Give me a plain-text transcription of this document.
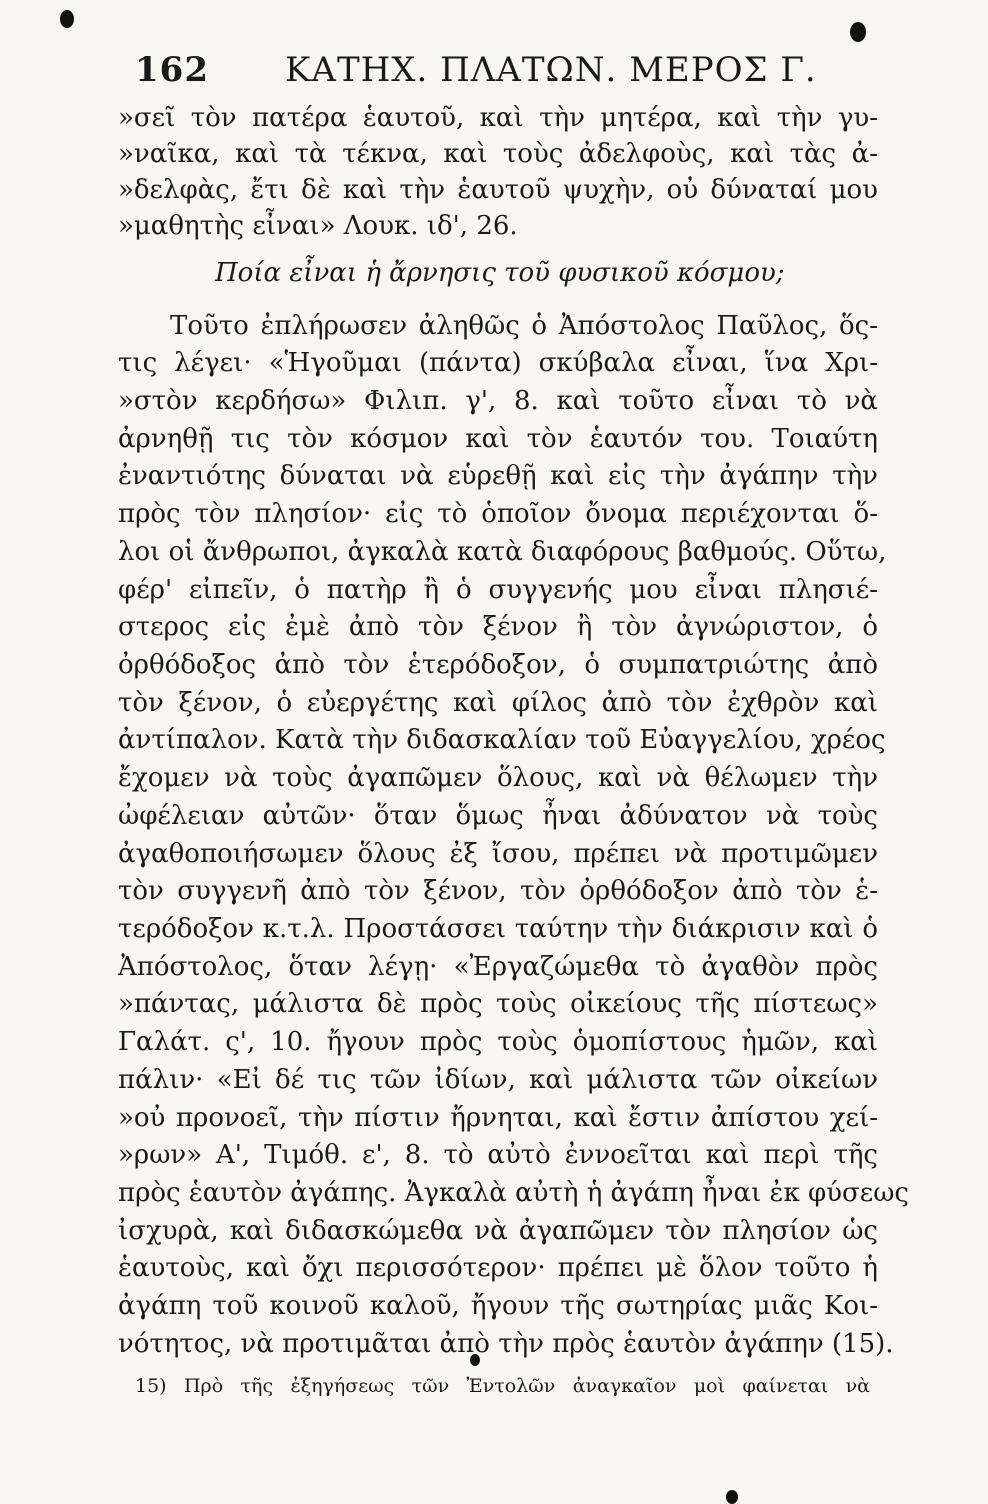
162 ΚΑΤΗΧ. ΠΛΑΤΩΝ. ΜΕΡΟΣ Γ.
»σεῖ τὸν πατέρα ἑαυτοῦ, καὶ τὴν μητέρα, καὶ τὴν γυ-
»ναῖκα, καὶ τὰ τέκνα, καὶ τοὺς ἀδελφοὺς, καὶ τὰς ἀ-
»δελφὰς, ἔτι δὲ καὶ τὴν ἑαυτοῦ ψυχὴν, οὐ δύναταί μου
»μαθητὴς εἶναι» Λουκ. ιδ', 26.
Ποία εἶναι ἡ ἄρνησις τοῦ φυσικοῦ κόσμου;
Τοῦτο ἐπλήρωσεν ἀληθῶς ὁ Ἀπόστολος Παῦλος, ὅς-
τις λέγει· «Ἡγοῦμαι (πάντα) σκύβαλα εἶναι, ἵνα Χρι-
»στὸν κερδήσω» Φιλιπ. γ', 8. καὶ τοῦτο εἶναι τὸ νὰ
ἀρνηθῇ τις τὸν κόσμον καὶ τὸν ἑαυτόν του. Τοιαύτη
ἐναντιότης δύναται νὰ εὑρεθῇ καὶ εἰς τὴν ἀγάπην τὴν
πρὸς τὸν πλησίον· εἰς τὸ ὁποῖον ὄνομα περιέχονται ὅ-
λοι οἱ ἄνθρωποι, ἀγκαλὰ κατὰ διαφόρους βαθμούς. Οὕτω,
φέρ' εἰπεῖν, ὁ πατὴρ ἢ ὁ συγγενής μου εἶναι πλησιέ-
στερος εἰς ἐμὲ ἀπὸ τὸν ξένον ἢ τὸν ἀγνώριστον, ὁ
ὀρθόδοξος ἀπὸ τὸν ἑτερόδοξον, ὁ συμπατριώτης ἀπὸ
τὸν ξένον, ὁ εὐεργέτης καὶ φίλος ἀπὸ τὸν ἐχθρὸν καὶ
ἀντίπαλον. Κατὰ τὴν διδασκαλίαν τοῦ Εὐαγγελίου, χρέος
ἔχομεν νὰ τοὺς ἀγαπῶμεν ὅλους, καὶ νὰ θέλωμεν τὴν
ὠφέλειαν αὐτῶν· ὅταν ὅμως ἦναι ἀδύνατον νὰ τοὺς
ἀγαθοποιήσωμεν ὅλους ἐξ ἴσου, πρέπει νὰ προτιμῶμεν
τὸν συγγενῆ ἀπὸ τὸν ξένον, τὸν ὀρθόδοξον ἀπὸ τὸν ἑ-
τερόδοξον κ.τ.λ. Προστάσσει ταύτην τὴν διάκρισιν καὶ ὁ
Ἀπόστολος, ὅταν λέγῃ· «Ἐργαζώμεθα τὸ ἀγαθὸν πρὸς
»πάντας, μάλιστα δὲ πρὸς τοὺς οἰκείους τῆς πίστεως»
Γαλάτ. ς', 10. ἤγουν πρὸς τοὺς ὁμοπίστους ἡμῶν, καὶ
πάλιν· «Εἰ δέ τις τῶν ἰδίων, καὶ μάλιστα τῶν οἰκείων
»οὐ προνοεῖ, τὴν πίστιν ἤρνηται, καὶ ἔστιν ἀπίστου χεί-
»ρων» Α', Τιμόθ. ε', 8. τὸ αὐτὸ ἐννοεῖται καὶ περὶ τῆς
πρὸς ἑαυτὸν ἀγάπης. Ἀγκαλὰ αὐτὴ ἡ ἀγάπη ἦναι ἐκ φύσεως
ἰσχυρὰ, καὶ διδασκώμεθα νὰ ἀγαπῶμεν τὸν πλησίον ὡς
ἑαυτοὺς, καὶ ὄχι περισσότερον· πρέπει μὲ ὅλον τοῦτο ἡ
ἀγάπη τοῦ κοινοῦ καλοῦ, ἤγουν τῆς σωτηρίας μιᾶς Κοι-
νότητος, νὰ προτιμᾶται ἀπὸ τὴν πρὸς ἑαυτὸν ἀγάπην (15).
15) Πρὸ τῆς ἐξηγήσεως τῶν Ἐντολῶν ἀναγκαῖον μοὶ φαίνεται νὰ
